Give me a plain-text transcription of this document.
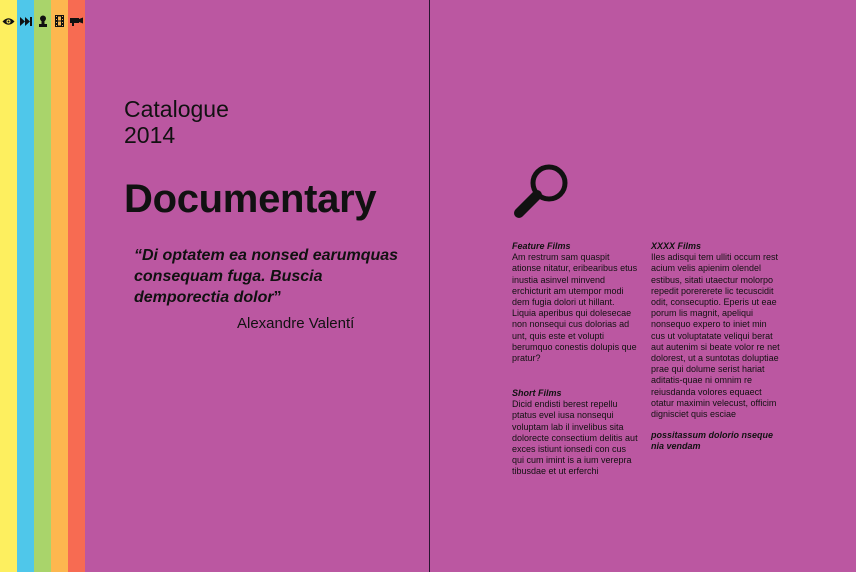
Catalogue
2014
Documentary
“Di optatem ea nonsed earumquas consequam fuga. Buscia demporectia dolor”
Alexandre Valentí
Feature Films

Am restrum sam quaspit ationse nitatur, eribearibus etus inustia asinvel minvend erchicturit am utempor modi dem fugia dolori ut hillant. Liquia aperibus qui dolesecae non nonsequi cus dolorias ad unt, quis este et volupti berumquo conestis dolupis que pratur?

Short Films

Dicid endisti berest repellu ptatus evel iusa nonsequi voluptam lab il invelibus sita dolorecte consectium delitis aut exces istiunt ionsedi con cus qui cum imint is a ium verepra tibusdae et ut erferchi

XXXX Films

Iles adisqui tem ulliti occum rest acium velis apienim olendel estibus, sitati utaectur molorpo repedit porererete lic tecuscidit odit, consecuptio. Eperis ut eae porum lis magnit, apeliqui nonsequo expero to iniet min cus ut voluptatate veliqui berat aut autenim si beate volor re net dolorest, ut a suntotas doluptiae prae qui dolume serist hariat aditatis-quae ni omnim re reiusdanda volores equaect otatur maximin velecust, officim dignisciet quis esciae

possitassum dolorio nseque nia vendam
